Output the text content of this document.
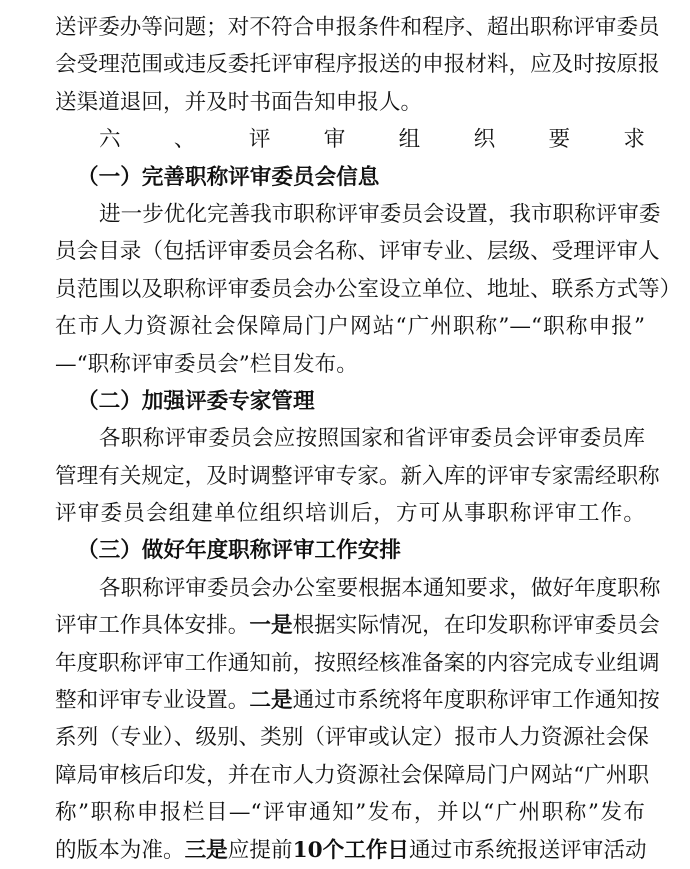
送评委办等问题；对不符合申报条件和程序、超出职称评审委员
会受理范围或违反委托评审程序报送的申报材料，应及时按原报
送渠道退回，并及时书面告知申报人。
六、评审组织要求
（一）完善职称评审委员会信息
进一步优化完善我市职称评审委员会设置，我市职称评审委
员会目录（包括评审委员会名称、评审专业、层级、受理评审人
员范围以及职称评审委员会办公室设立单位、地址、联系方式等）
在市人力资源社会保障局门户网站“广州职称”—“职称申报”
—“职称评审委员会”栏目发布。
（二）加强评委专家管理
各职称评审委员会应按照国家和省评审委员会评审委员库
管理有关规定，及时调整评审专家。新入库的评审专家需经职称
评审委员会组建单位组织培训后，方可从事职称评审工作。
（三）做好年度职称评审工作安排
各职称评审委员会办公室要根据本通知要求，做好年度职称
评审工作具体安排。一是根据实际情况，在印发职称评审委员会
年度职称评审工作通知前，按照经核准备案的内容完成专业组调
整和评审专业设置。二是通过市系统将年度职称评审工作通知按
系列（专业）、级别、类别（评审或认定）报市人力资源社会保
障局审核后印发，并在市人力资源社会保障局门户网站“广州职
称”职称申报栏目—“评审通知”发布，并以“广州职称”发布
的版本为准。三是应提前10个工作日通过市系统报送评审活动
